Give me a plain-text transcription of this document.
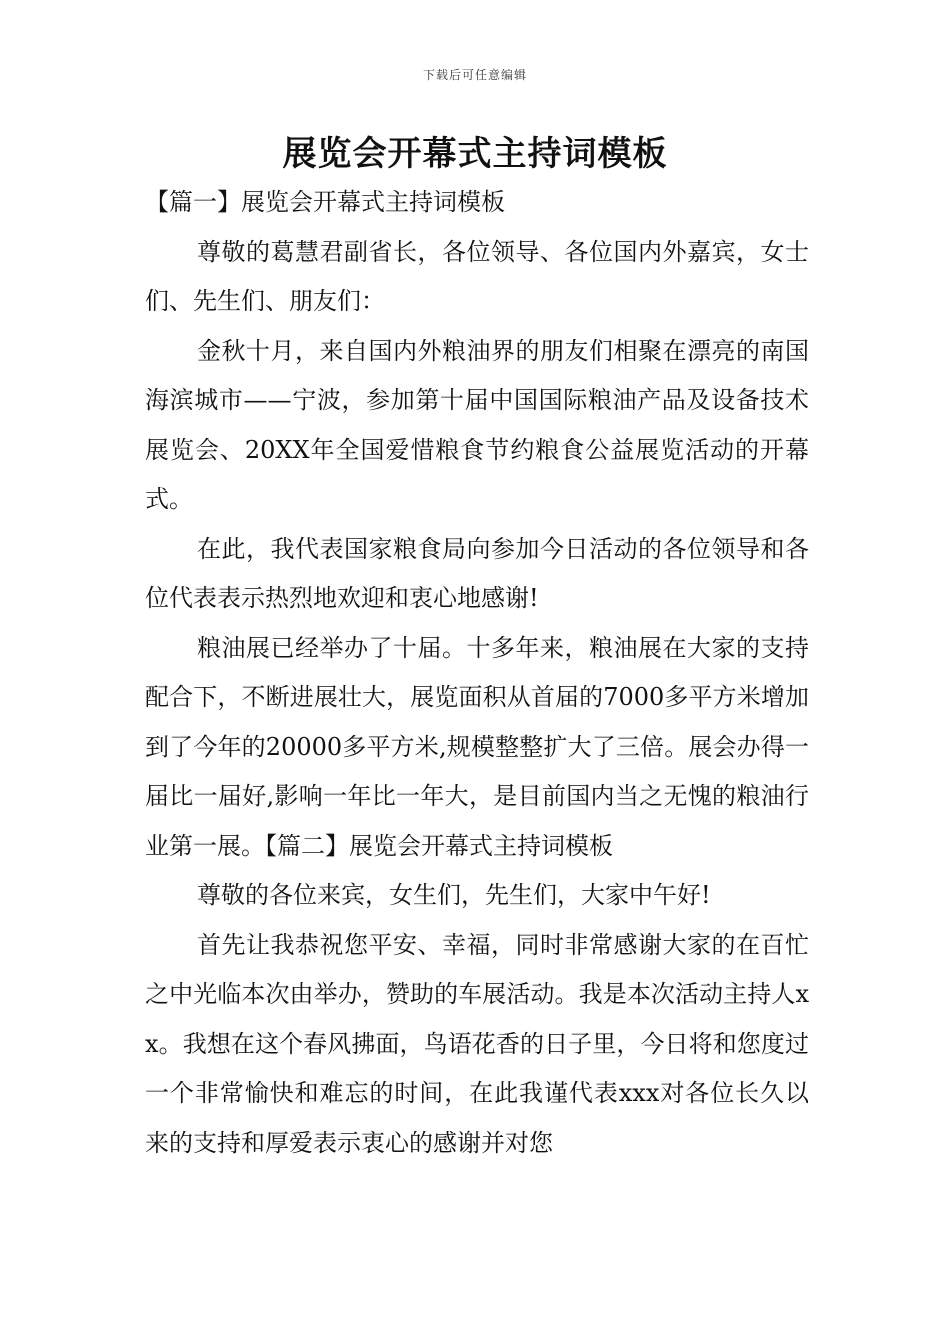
下载后可任意编辑
展览会开幕式主持词模板

【篇一】展览会开幕式主持词模板

尊敬的葛慧君副省长，各位领导、各位国内外嘉宾，女士们、先生们、朋友们：

金秋十月，来自国内外粮油界的朋友们相聚在漂亮的南国海滨城市——宁波，参加第十届中国国际粮油产品及设备技术展览会、20XX年全国爱惜粮食节约粮食公益展览活动的开幕式。

在此，我代表国家粮食局向参加今日活动的各位领导和各位代表表示热烈地欢迎和衷心地感谢!

粮油展已经举办了十届。十多年来，粮油展在大家的支持配合下，不断进展壮大，展览面积从首届的7000多平方米增加到了今年的20000多平方米,规模整整扩大了三倍。展会办得一届比一届好,影响一年比一年大，是目前国内当之无愧的粮油行业第一展。【篇二】展览会开幕式主持词模板

尊敬的各位来宾，女生们，先生们，大家中午好!

首先让我恭祝您平安、幸福，同时非常感谢大家的在百忙之中光临本次由举办，赞助的车展活动。我是本次活动主持人xx。我想在这个春风拂面，鸟语花香的日子里，今日将和您度过一个非常愉快和难忘的时间，在此我谨代表xxx对各位长久以来的支持和厚爱表示衷心的感谢并对您
